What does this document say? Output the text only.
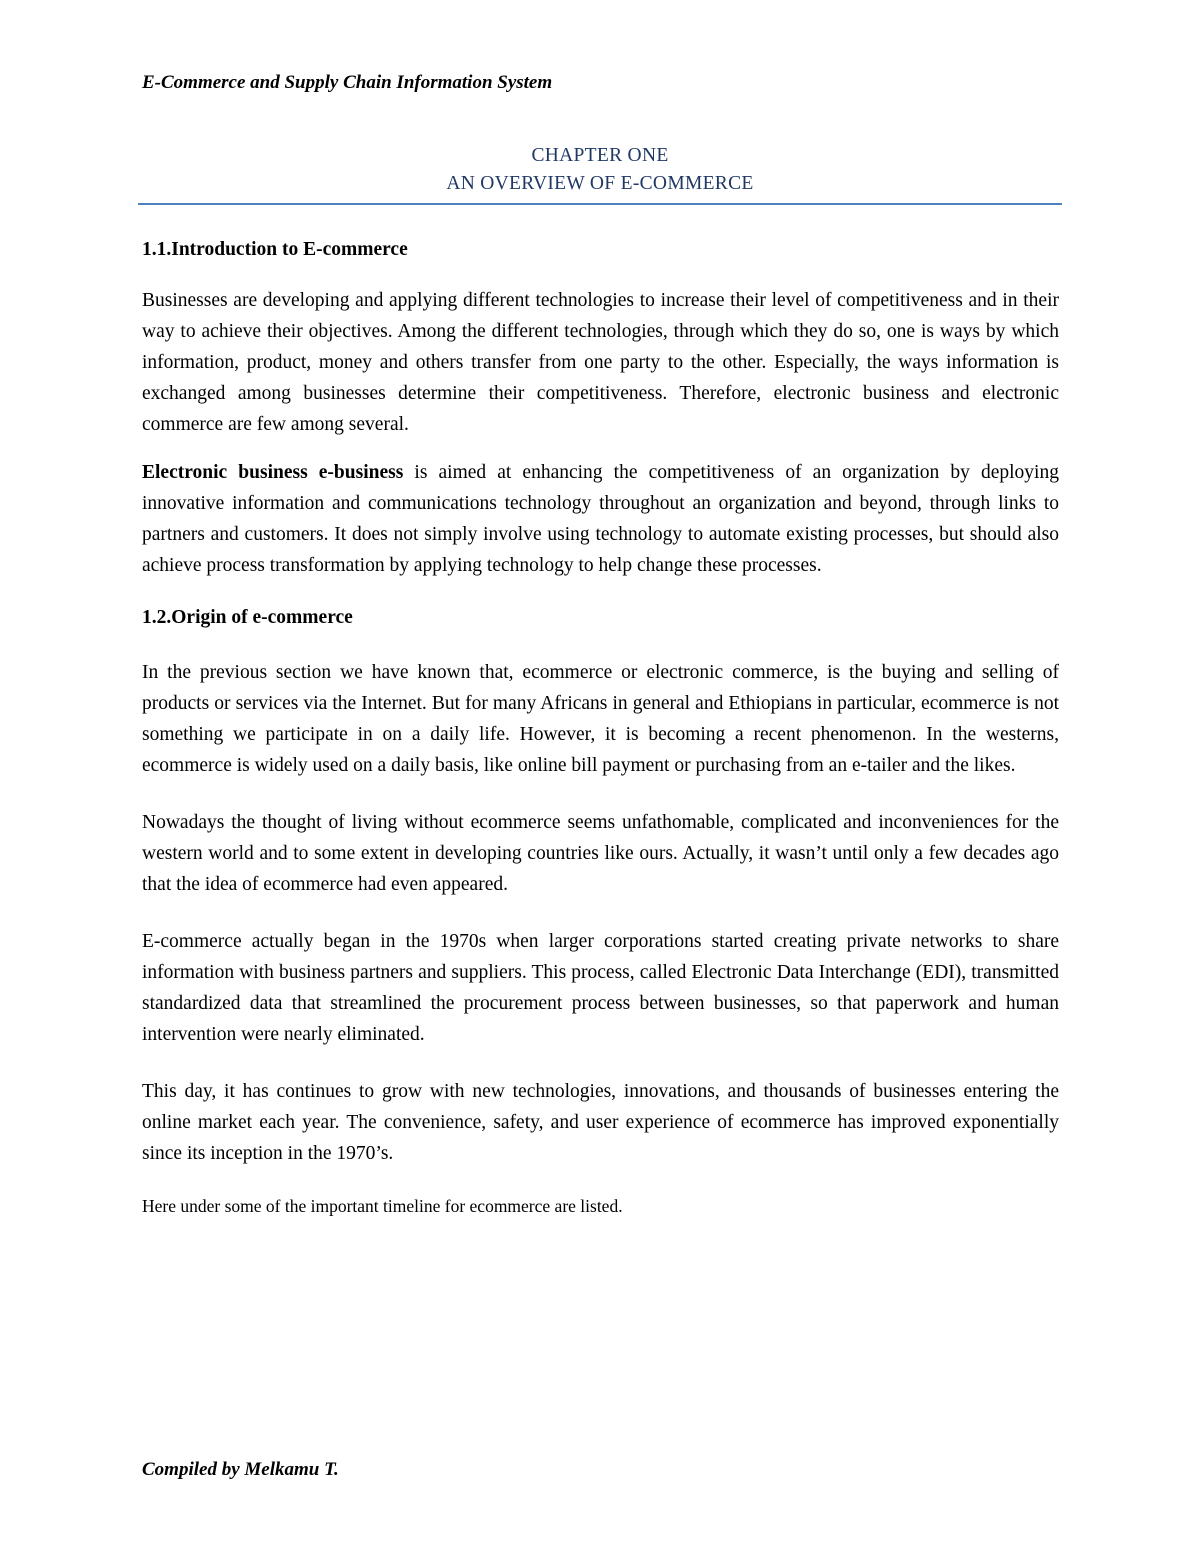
E-Commerce and Supply Chain Information System
CHAPTER ONE
AN OVERVIEW OF E-COMMERCE
1.1.Introduction to E-commerce

Businesses are developing and applying different technologies to increase their level of competitiveness and in their way to achieve their objectives. Among the different technologies, through which they do so, one is ways by which information, product, money and others transfer from one party to the other. Especially, the ways information is exchanged among businesses determine their competitiveness. Therefore, electronic business and electronic commerce are few among several.

Electronic business e-business is aimed at enhancing the competitiveness of an organization by deploying innovative information and communications technology throughout an organization and beyond, through links to partners and customers. It does not simply involve using technology to automate existing processes, but should also achieve process transformation by applying technology to help change these processes.

1.2.Origin of e-commerce

In the previous section we have known that, ecommerce or electronic commerce, is the buying and selling of products or services via the Internet. But for many Africans in general and Ethiopians in particular, ecommerce is not something we participate in on a daily life. However, it is becoming a recent phenomenon. In the westerns, ecommerce is widely used on a daily basis, like online bill payment or purchasing from an e-tailer and the likes.

Nowadays the thought of living without ecommerce seems unfathomable, complicated and inconveniences for the western world and to some extent in developing countries like ours. Actually, it wasn’t until only a few decades ago that the idea of ecommerce had even appeared.

E-commerce actually began in the 1970s when larger corporations started creating private networks to share information with business partners and suppliers. This process, called Electronic Data Interchange (EDI), transmitted standardized data that streamlined the procurement process between businesses, so that paperwork and human intervention were nearly eliminated.

This day, it has continues to grow with new technologies, innovations, and thousands of businesses entering the online market each year. The convenience, safety, and user experience of ecommerce has improved exponentially since its inception in the 1970’s.

Here under some of the important timeline for ecommerce are listed.

Compiled by Melkamu T.
